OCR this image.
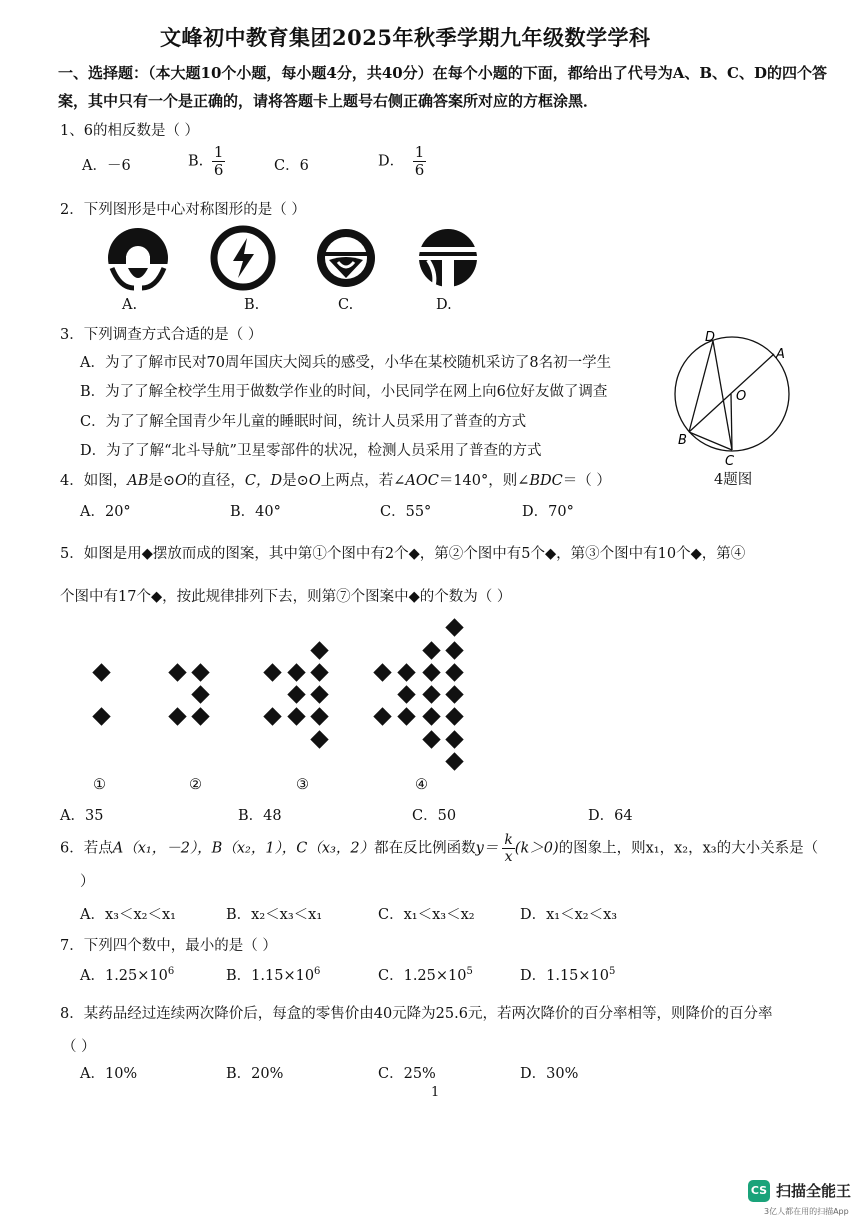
文峰初中教育集团2025年秋季学期九年级数学学科
一、选择题：（本大题10个小题，每小题4分，共40分）在每个小题的下面，都给出了代号为A、B、C、D的四个答
案，其中只有一个是正确的，请将答题卡上题号右侧正确答案所对应的方框涂黑．
1、6的相反数是（ ）
A．－6	B. $\frac{1}{6}$	C．6	D． $\frac{1}{6}$
2．下列图形是中心对称图形的是（ ）
A.	B.	C.	D.
3．下列调查方式合适的是（ ）
A．为了了解市民对70周年国庆大阅兵的感受，小华在某校随机采访了8名初一学生
B．为了了解全校学生用于做数学作业的时间，小民同学在网上向6位好友做了调查
C．为了了解全国青少年儿童的睡眠时间，统计人员采用了普查的方式
D．为了了解“北斗导航”卫星零部件的状况，检测人员采用了普查的方式
D
A
O
B
C
4题图
4．如图，AB是⊙O的直径，C，D是⊙O上两点，若∠AOC＝140°，则∠BDC＝（ ）
A．20°	B．40°	C．55°	D．70°
5．如图是用◆摆放而成的图案，其中第①个图中有2个◆，第②个图中有5个◆，第③个图中有10个◆，第④
个图中有17个◆，按此规律排列下去，则第⑦个图案中◆的个数为（ ）
①	②	③	④
A．35	B．48	C．50	D．64
6．若点A（x₁，－2），B（x₂，1），C（x₃，2）都在反比例函数$y= \frac{k}{x} (k>0)$的图象上，则x₁，x₂，x₃的大小关系是（
）
A．x₃＜x₂＜x₁	B．x₂＜x₃＜x₁	C．x₁＜x₃＜x₂	D．x₁＜x₂＜x₃
7．下列四个数中，最小的是（ ）
A．$1.25\times 10^6$	B．$1.15\times 10^6$	C．$1.25\times 10^5$	D．$1.15\times 10^5$
8．某药品经过连续两次降价后，每盒的零售价由40元降为25.6元，若两次降价的百分率相等，则降价的百分率
（ ）
A．10%	B．20%	C．25%	D．30%
1
CS 扫描全能王
3亿人都在用的扫描App
